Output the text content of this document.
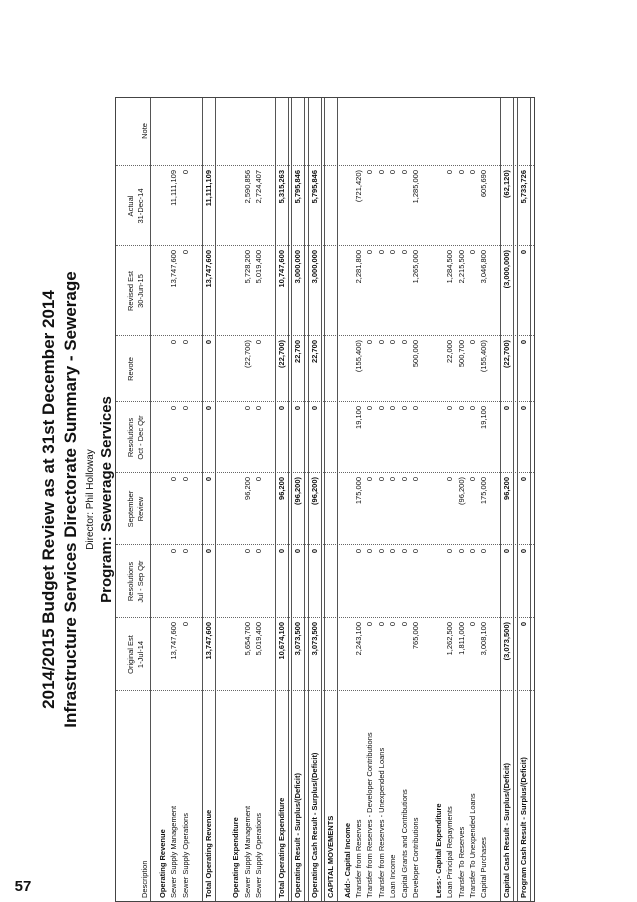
57
2014/2015 Budget Review as at 31st December 2014 Infrastructure Services Directorate Summary - Sewerage Director: Phil Holloway Program: Sewerage Services
Description
Original Est 1-Jul-14
Resolutions Jul - Sep Qtr
September Review
Resolutions Oct - Dec Qtr
Revote
Revised Est 30-Jun-15
Actual 31-Dec-14
Note
Operating Revenue Sewer Supply Management
13,747,600
0
0
0
0
13,747,600
11,111,109
Sewer Supply Operations
0
0
0
0
0
0
0
Total Operating Revenue
13,747,600
0
0
0
0
13,747,600
11,111,109
Operating Expenditure Sewer Supply Management
5,654,700
0
96,200
0
(22,700)
5,728,200
2,590,856
Sewer Supply Operations
5,019,400
0
0
0
0
5,019,400
2,724,407
Total Operating Expenditure
10,674,100
0
96,200
0
(22,700)
10,747,600
5,315,263
Operating Result - Surplus/(Deficit)
3,073,500
0
(96,200)
0
22,700
3,000,000
5,795,846
Operating Cash Result - Surplus/(Deficit)
3,073,500
0
(96,200)
0
22,700
3,000,000
5,795,846
CAPITAL MOVEMENTS Add:- Capital Income Transfer from Reserves
2,243,100
0
175,000
19,100
(155,400)
2,281,800
(721,420)
Transfer from Reserves - Developer Contributions
0
0
0
0
0
0
0
Transfer from Reserves - Unexpended Loans
0
0
0
0
0
0
0
Loan Income
0
0
0
0
0
0
0
Capital Grants and Contributions
0
0
0
0
0
0
0
Developer Contributions
765,000
0
0
0
500,000
1,265,000
1,285,000
Less:- Capital Expenditure Loan Principal Repayments
1,262,500
0
0
0
22,000
1,284,500
0
Transfer To Reserves
1,811,000
0
(96,200)
0
500,700
2,215,500
0
Transfer To Unexpended Loans
0
0
0
0
0
0
0
Capital Purchases
3,008,100
0
175,000
19,100
(155,400)
3,046,800
605,690
Capital Cash Result - Surplus/(Deficit)
(3,073,500)
0
96,200
0
(22,700)
(3,000,000)
(62,120)
Program Cash Result - Surplus/(Deficit)
0
0
0
0
0
0
5,733,726
